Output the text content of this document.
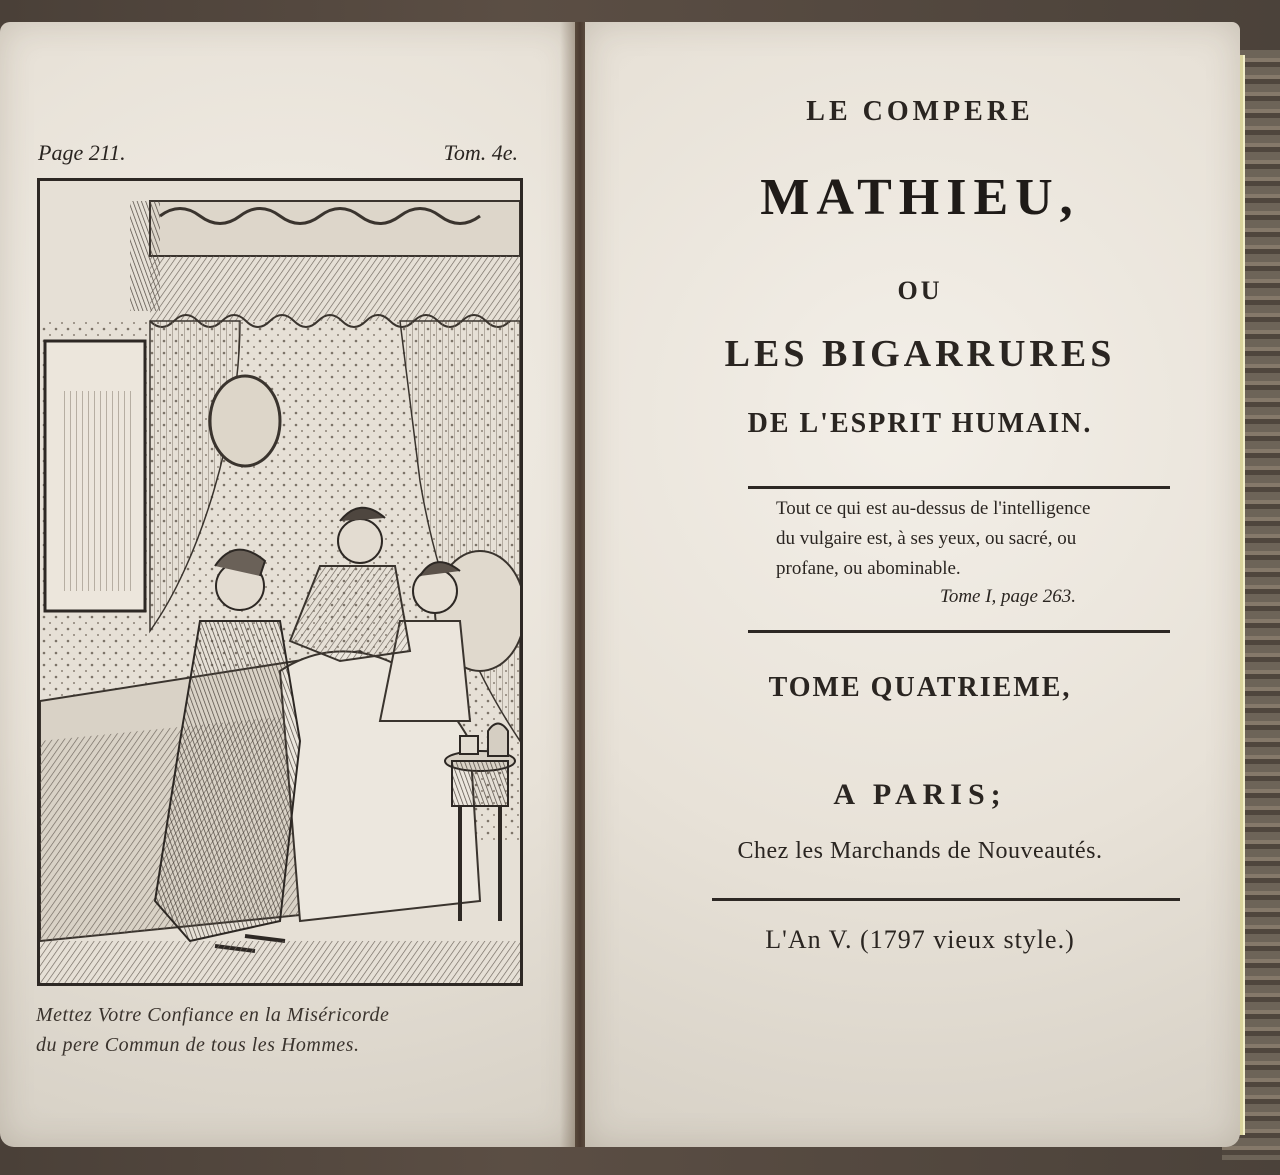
Page 211.	Tom. 4e.
Mettez Votre Confiance en la Miséricorde
du pere Commun de tous les Hommes.
LE COMPERE
MATHIEU,
OU
LES BIGARRURES
DE L'ESPRIT HUMAIN.
Tout ce qui est au-dessus de l'intelligence
du vulgaire est, à ses yeux, ou sacré, ou
profane, ou abominable.
Tome I, page 263.
TOME QUATRIEME,
A PARIS;
Chez les Marchands de Nouveautés.
L'An V. (1797 vieux style.)
